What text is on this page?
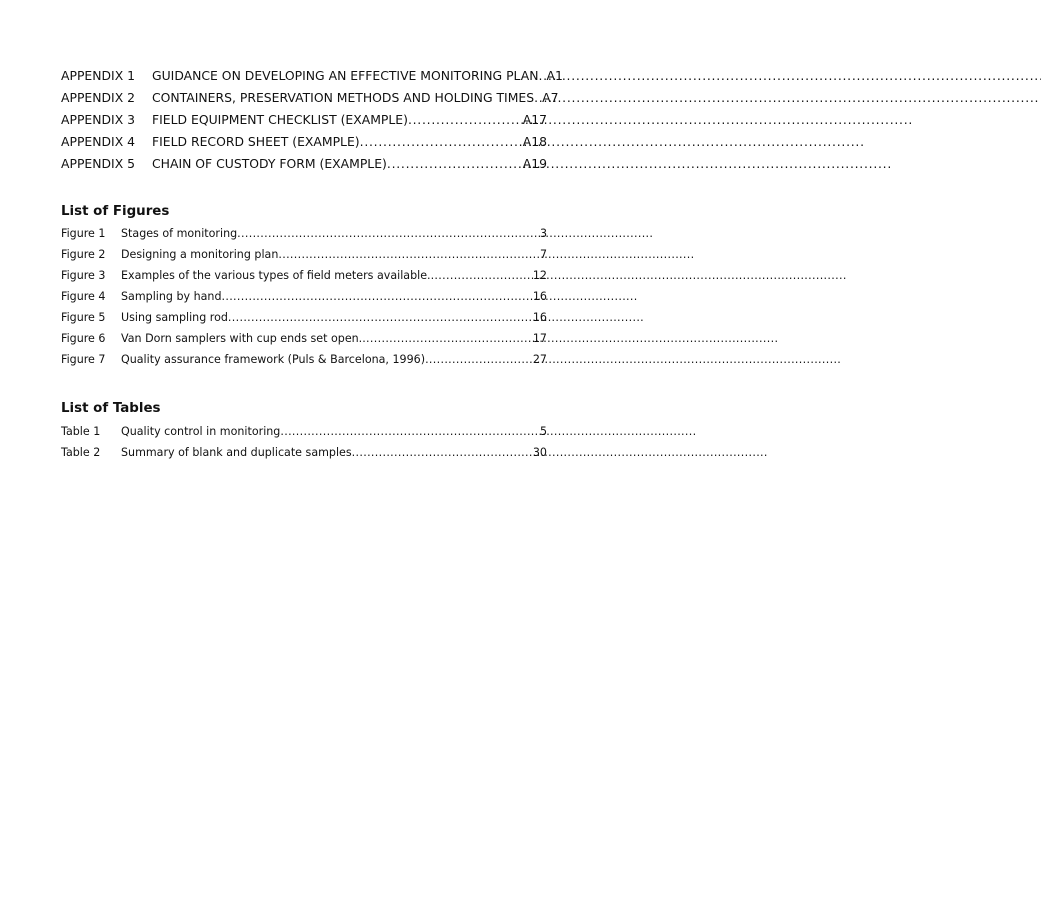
APPENDIX 1	GUIDANCE ON DEVELOPING AN EFFECTIVE MONITORING PLAN . . . A1
APPENDIX 2	CONTAINERS, PRESERVATION METHODS AND HOLDING TIMES . . . A7
APPENDIX 3	FIELD EQUIPMENT CHECKLIST (EXAMPLE) . . .	A17
APPENDIX 4	FIELD RECORD SHEET (EXAMPLE) . . .	A18
APPENDIX 5	CHAIN OF CUSTODY FORM (EXAMPLE) . . .	A19
List of Figures
Figure 1	Stages of monitoring . . .	3
Figure 2	Designing a monitoring plan . . .	7
Figure 3	Examples of the various types of field meters available. . . .	12
Figure 4	Sampling by hand . . .	16
Figure 5	Using sampling rod . . .	16
Figure 6	Van Dorn samplers with cup ends set open. . . .	17
Figure 7	Quality assurance framework (Puls & Barcelona, 1996) . . .	27
List of Tables
Table 1	Quality control in monitoring . . .	5
Table 2	Summary of blank and duplicate samples . . .	30
